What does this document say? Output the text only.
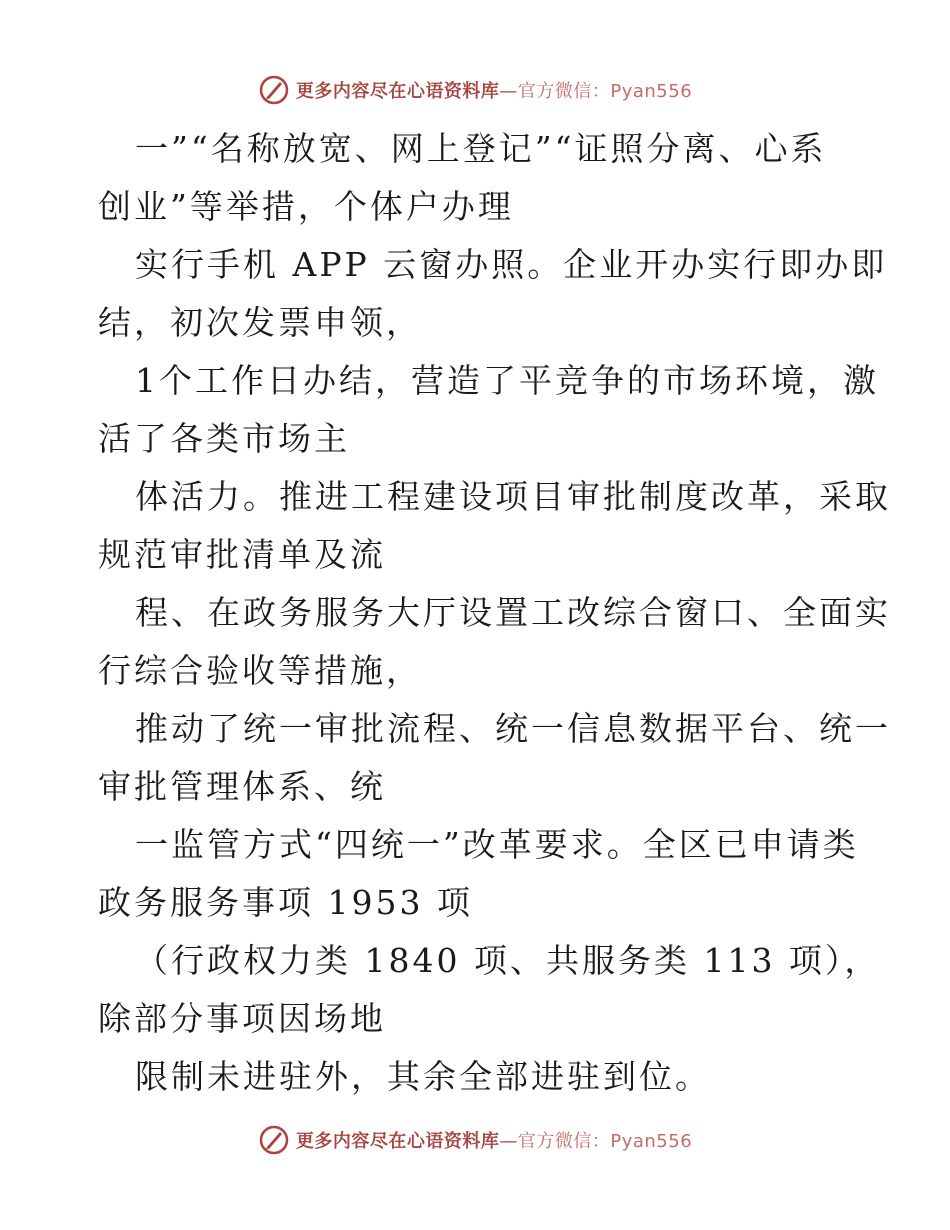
更多内容尽在心语资料库—官方微信：Pyan556
一”“名称放宽、网上登记”“证照分离、心系
创业”等举措，个体户办理
实行手机 APP 云窗办照。企业开办实行即办即
结，初次发票申领，
1个工作日办结，营造了平竞争的市场环境，激
活了各类市场主
体活力。推进工程建设项目审批制度改革，采取
规范审批清单及流
程、在政务服务大厅设置工改综合窗口、全面实
行综合验收等措施，
推动了统一审批流程、统一信息数据平台、统一
审批管理体系、统
一监管方式“四统一”改革要求。全区已申请类
政务服务事项 1953 项
（行政权力类 1840 项、共服务类 113 项），
除部分事项因场地
限制未进驻外，其余全部进驻到位。
更多内容尽在心语资料库—官方微信：Pyan556
